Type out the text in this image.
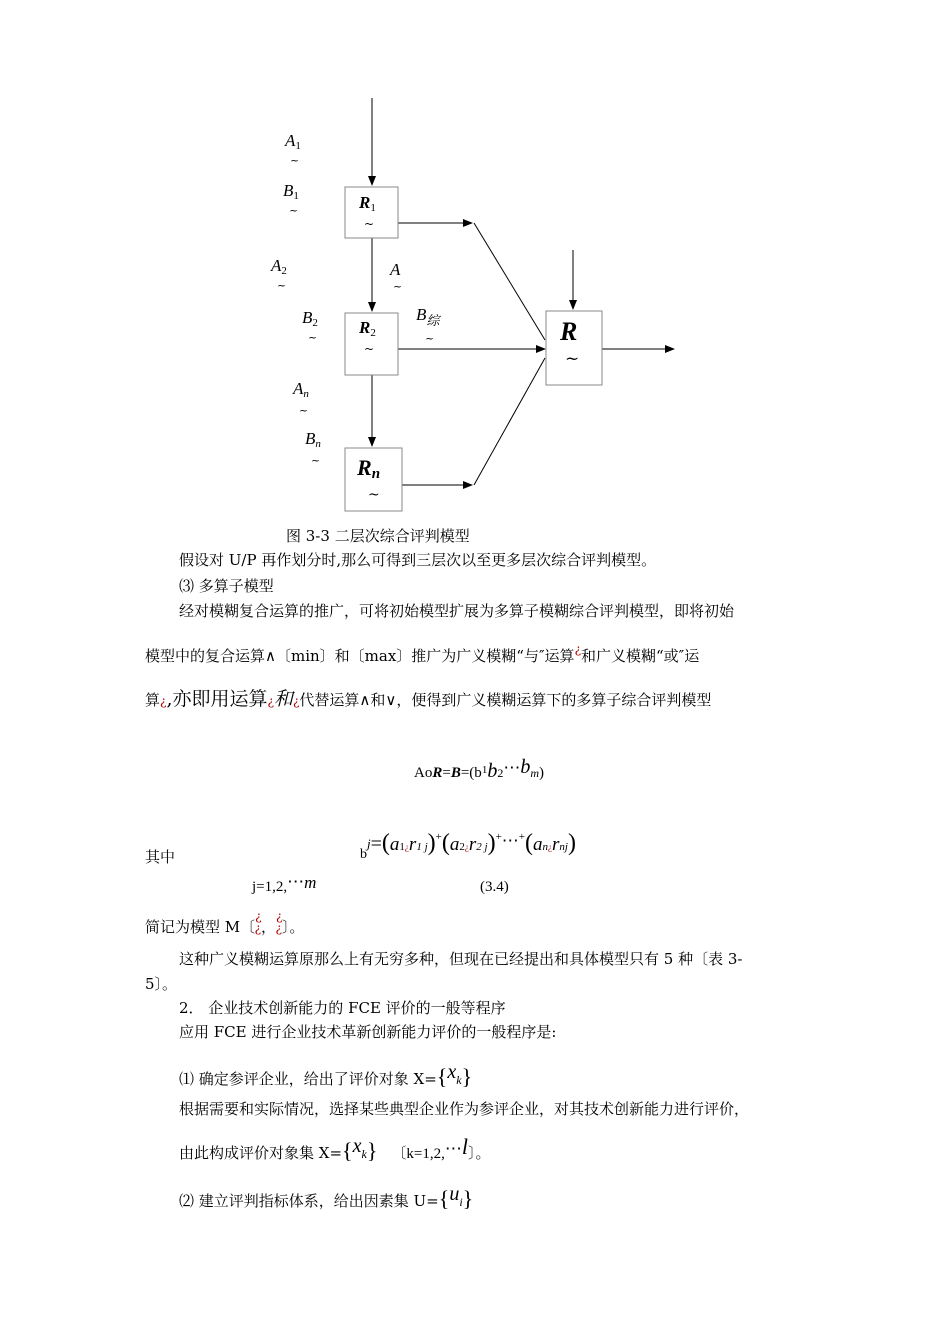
R1
~
R2
~
Rn
~
R
~
A1
~
B1
~
A2
~
B2
~
An
~
Bn
~
A
~
$B_综$
~
图 3-3 二层次综合评判模型
假设对 U/P 再作划分时,那么可得到三层次以至更多层次综合评判模型。
⑶ 多算子模型
经对模糊复合运算的推广，可将初始模型扩展为多算子模糊综合评判模型，即将初始
模型中的复合运算∧〔min〕和〔max〕推广为广义模糊“与″运算¿和广义模糊“或″运
算¿,亦即用运算¿和¿代替运算∧和∨，便得到广义模糊运算下的多算子综合评判模型
$AoR=B=(b^1b2\cdots bm)$
其中	bj=(a1¿r1 j)+(a2¿r2 j)+⋯+(an¿rnj)
j=1,2,⋯m	(3.4)
简记为模型 M〔¿¿，¿¿〕。
这种广义模糊运算原那么上有无穷多种，但现在已经提出和具体模型只有 5 种〔表 3-
5〕。
2． 企业技术创新能力的 FCE 评价的一般等程序
应用 FCE 进行企业技术革新创新能力评价的一般程序是:
⑴ 确定参评企业，给出了评价对象 X={xk}
根据需要和实际情况，选择某些典型企业作为参评企业，对其技术创新能力进行评价，
由此构成评价对象集 X={xk} 〔k=1,2,⋯l〕。
⑵ 建立评判指标体系，给出因素集 U={ui}
